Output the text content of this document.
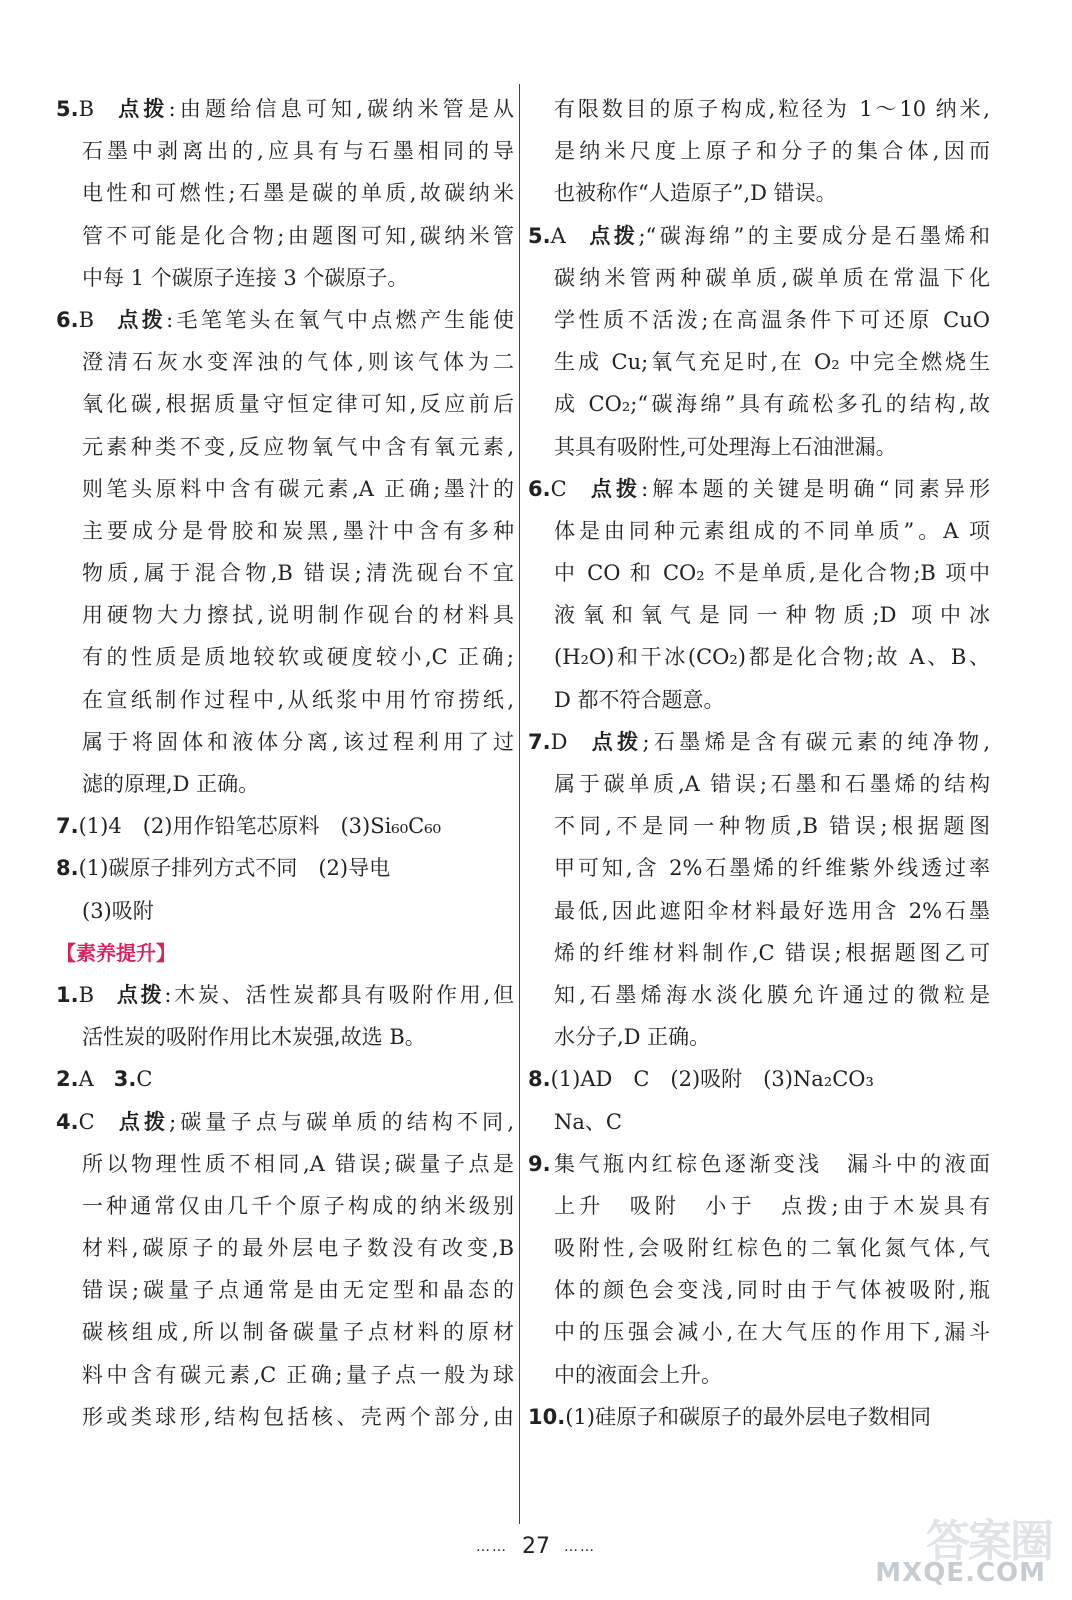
5.B 点拨:由题给信息可知,碳纳米管是从
石墨中剥离出的,应具有与石墨相同的导
电性和可燃性;石墨是碳的单质,故碳纳米
管不可能是化合物;由题图可知,碳纳米管
中每 1 个碳原子连接 3 个碳原子。
6.B 点拨:毛笔笔头在氧气中点燃产生能使
澄清石灰水变浑浊的气体,则该气体为二
氧化碳,根据质量守恒定律可知,反应前后
元素种类不变,反应物氧气中含有氧元素,
则笔头原料中含有碳元素,A 正确;墨汁的
主要成分是骨胶和炭黑,墨汁中含有多种
物质,属于混合物,B 错误;清洗砚台不宜
用硬物大力擦拭,说明制作砚台的材料具
有的性质是质地较软或硬度较小,C 正确;
在宣纸制作过程中,从纸浆中用竹帘捞纸,
属于将固体和液体分离,该过程利用了过
滤的原理,D 正确。
7.(1)4　(2)用作铅笔芯原料　(3)Si₆₀C₆₀
8.(1)碳原子排列方式不同　(2)导电
(3)吸附
【素养提升】
1.B 点拨:木炭、活性炭都具有吸附作用,但
活性炭的吸附作用比木炭强,故选 B。
2.A 3.C
4.C 点拨;碳量子点与碳单质的结构不同,
所以物理性质不相同,A 错误;碳量子点是
一种通常仅由几千个原子构成的纳米级别
材料,碳原子的最外层电子数没有改变,B
错误;碳量子点通常是由无定型和晶态的
碳核组成,所以制备碳量子点材料的原材
料中含有碳元素,C 正确;量子点一般为球
形或类球形,结构包括核、壳两个部分,由
有限数目的原子构成,粒径为 1～10 纳米,
是纳米尺度上原子和分子的集合体,因而
也被称作“人造原子”,D 错误。
5.A 点拨;“碳海绵”的主要成分是石墨烯和
碳纳米管两种碳单质,碳单质在常温下化
学性质不活泼;在高温条件下可还原 CuO
生成 Cu;氧气充足时,在 O₂ 中完全燃烧生
成 CO₂;“碳海绵”具有疏松多孔的结构,故
其具有吸附性,可处理海上石油泄漏。
6.C 点拨:解本题的关键是明确“同素异形
体是由同种元素组成的不同单质”。A 项
中 CO 和 CO₂ 不是单质,是化合物;B 项中
液氧和氧气是同一种物质;D 项中冰
(H₂O)和干冰(CO₂)都是化合物;故 A、B、
D 都不符合题意。
7.D 点拨;石墨烯是含有碳元素的纯净物,
属于碳单质,A 错误;石墨和石墨烯的结构
不同,不是同一种物质,B 错误;根据题图
甲可知,含 2%石墨烯的纤维紫外线透过率
最低,因此遮阳伞材料最好选用含 2%石墨
烯的纤维材料制作,C 错误;根据题图乙可
知,石墨烯海水淡化膜允许通过的微粒是
水分子,D 正确。
8.(1)AD　C　(2)吸附　(3)Na₂CO₃
Na、C
9.集气瓶内红棕色逐渐变浅　漏斗中的液面
上升　吸附　小于　点拨;由于木炭具有
吸附性,会吸附红棕色的二氧化氮气体,气
体的颜色会变浅,同时由于气体被吸附,瓶
中的压强会减小,在大气压的作用下,漏斗
中的液面会上升。
10.(1)硅原子和碳原子的最外层电子数相同
…… 27 ……	答案圈
MXQE.COM
